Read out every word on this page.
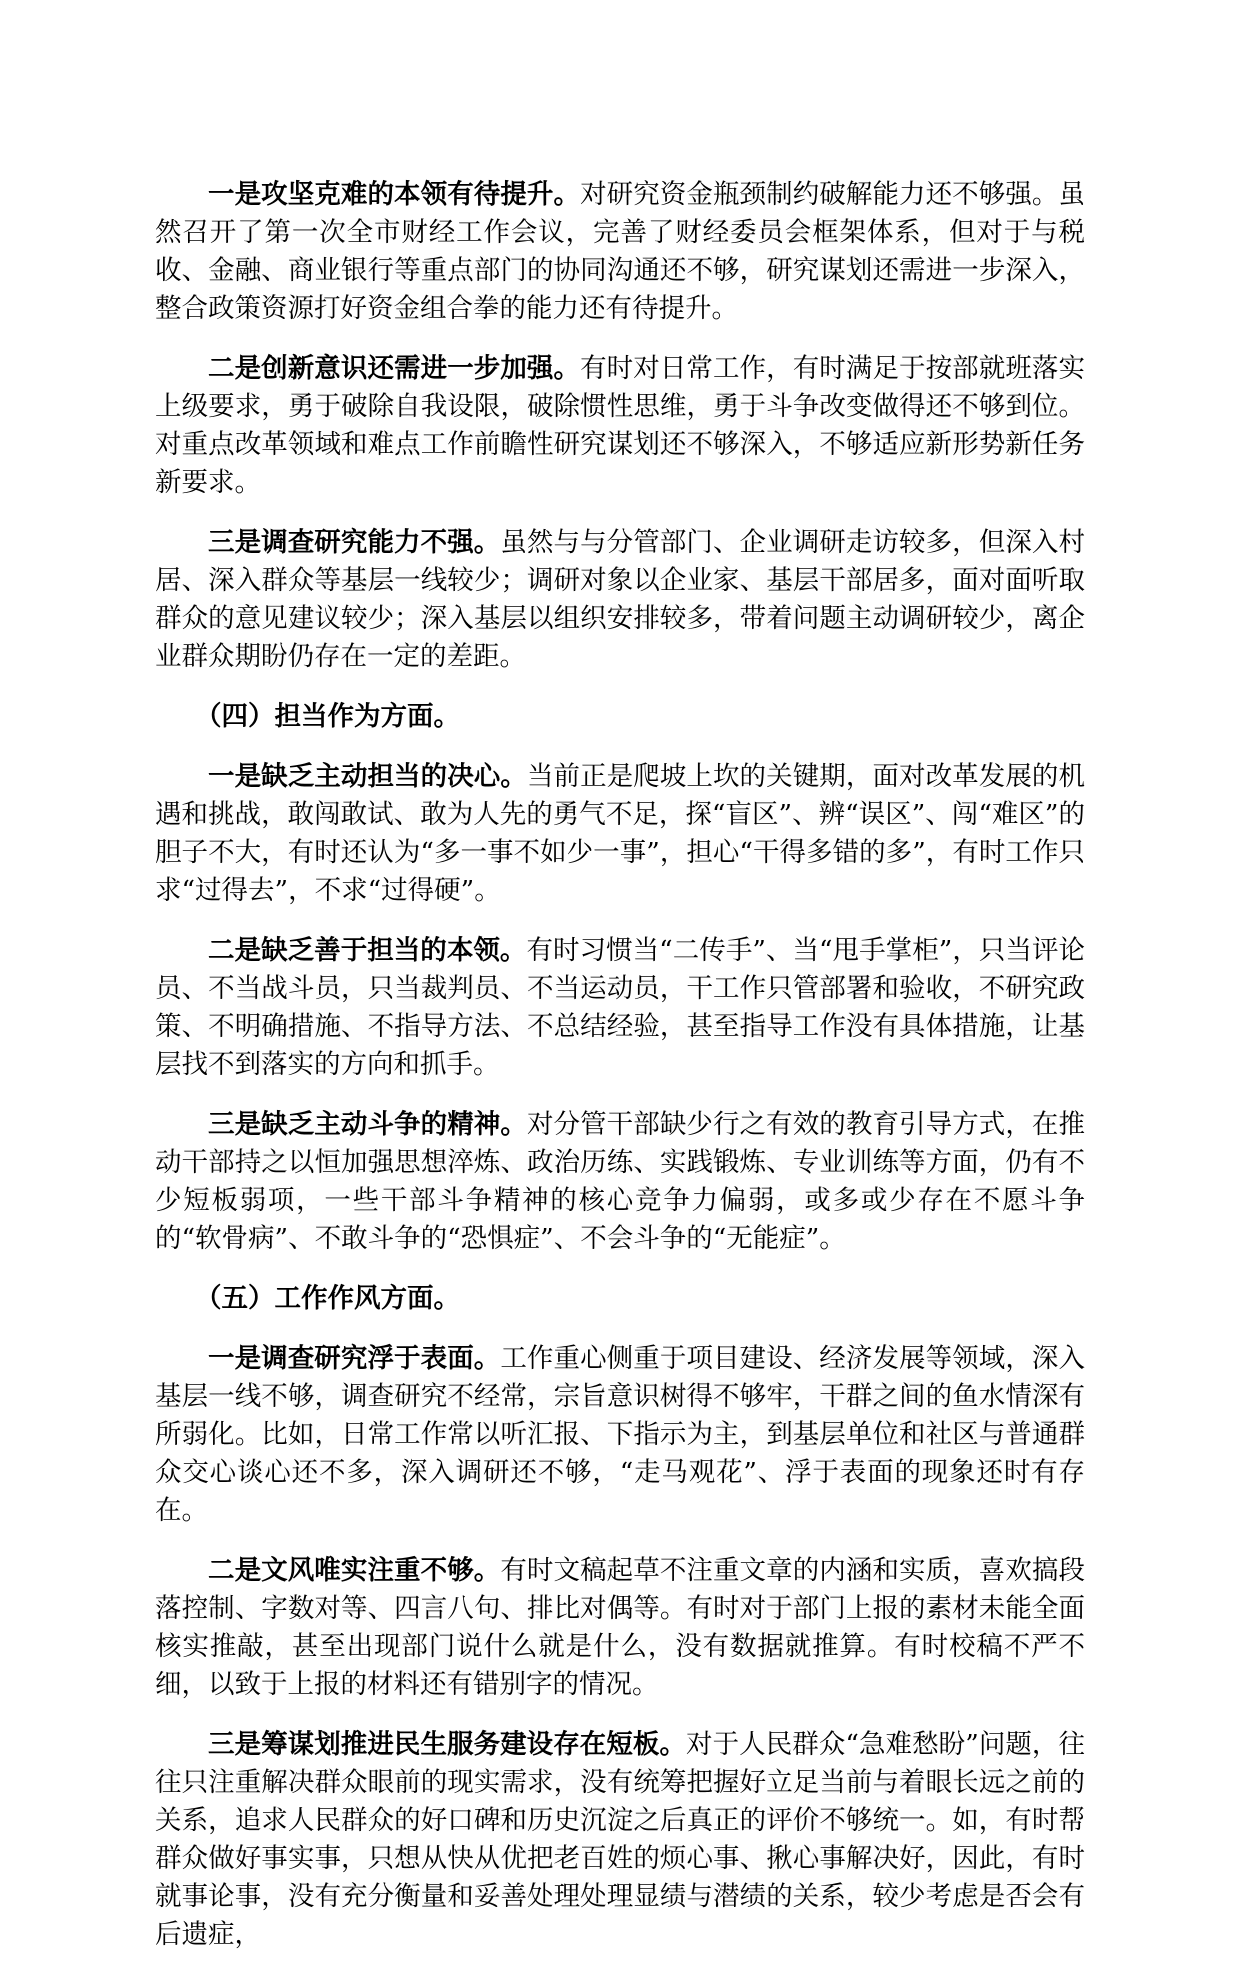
一是攻坚克难的本领有待提升。对研究资金瓶颈制约破解能力还不够强。虽然召开了第一次全市财经工作会议，完善了财经委员会框架体系，但对于与税收、金融、商业银行等重点部门的协同沟通还不够，研究谋划还需进一步深入，整合政策资源打好资金组合拳的能力还有待提升。

二是创新意识还需进一步加强。有时对日常工作，有时满足于按部就班落实上级要求，勇于破除自我设限，破除惯性思维，勇于斗争改变做得还不够到位。对重点改革领域和难点工作前瞻性研究谋划还不够深入，不够适应新形势新任务新要求。

三是调查研究能力不强。虽然与与分管部门、企业调研走访较多，但深入村居、深入群众等基层一线较少；调研对象以企业家、基层干部居多，面对面听取群众的意见建议较少；深入基层以组织安排较多，带着问题主动调研较少，离企业群众期盼仍存在一定的差距。

（四）担当作为方面。

一是缺乏主动担当的决心。当前正是爬坡上坎的关键期，面对改革发展的机遇和挑战，敢闯敢试、敢为人先的勇气不足，探“盲区”、辨“误区”、闯“难区”的胆子不大，有时还认为“多一事不如少一事”，担心“干得多错的多”，有时工作只求“过得去”，不求“过得硬”。

二是缺乏善于担当的本领。有时习惯当“二传手”、当“甩手掌柜”，只当评论员、不当战斗员，只当裁判员、不当运动员，干工作只管部署和验收，不研究政策、不明确措施、不指导方法、不总结经验，甚至指导工作没有具体措施，让基层找不到落实的方向和抓手。

三是缺乏主动斗争的精神。对分管干部缺少行之有效的教育引导方式，在推动干部持之以恒加强思想淬炼、政治历练、实践锻炼、专业训练等方面，仍有不少短板弱项，一些干部斗争精神的核心竞争力偏弱，或多或少存在不愿斗争的“软骨病”、不敢斗争的“恐惧症”、不会斗争的“无能症”。

（五）工作作风方面。

一是调查研究浮于表面。工作重心侧重于项目建设、经济发展等领域，深入基层一线不够，调查研究不经常，宗旨意识树得不够牢，干群之间的鱼水情深有所弱化。比如，日常工作常以听汇报、下指示为主，到基层单位和社区与普通群众交心谈心还不多，深入调研还不够，“走马观花”、浮于表面的现象还时有存在。

二是文风唯实注重不够。有时文稿起草不注重文章的内涵和实质，喜欢搞段落控制、字数对等、四言八句、排比对偶等。有时对于部门上报的素材未能全面核实推敲，甚至出现部门说什么就是什么，没有数据就推算。有时校稿不严不细，以致于上报的材料还有错别字的情况。

三是筹谋划推进民生服务建设存在短板。对于人民群众“急难愁盼”问题，往往只注重解决群众眼前的现实需求，没有统筹把握好立足当前与着眼长远之前的关系，追求人民群众的好口碑和历史沉淀之后真正的评价不够统一。如，有时帮群众做好事实事，只想从快从优把老百姓的烦心事、揪心事解决好，因此，有时就事论事，没有充分衡量和妥善处理处理显绩与潜绩的关系，较少考虑是否会有后遗症，
